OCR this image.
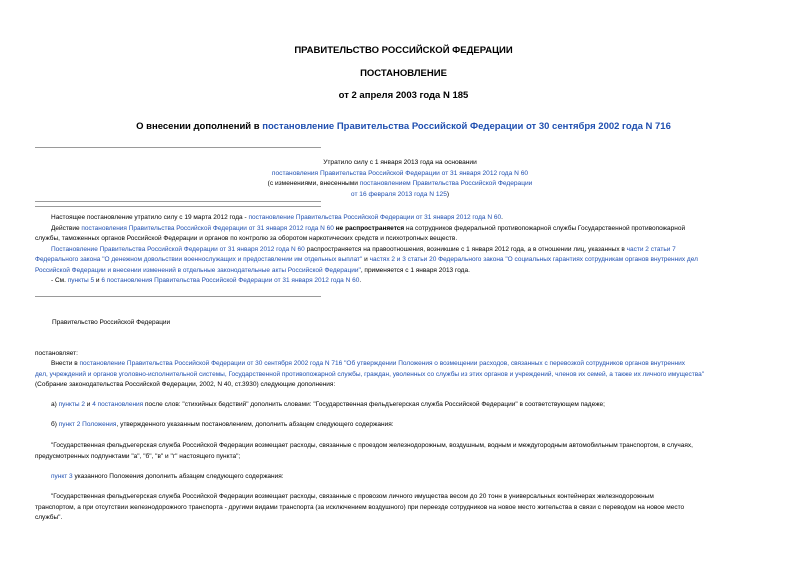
ПРАВИТЕЛЬСТВО РОССИЙСКОЙ ФЕДЕРАЦИИ
ПОСТАНОВЛЕНИЕ
от 2 апреля 2003 года N 185
О внесении дополнений в постановление Правительства Российской Федерации от 30 сентября 2002 года N 716
Утратило силу с 1 января 2013 года на основании
постановления Правительства Российской Федерации от 31 января 2012 года N 60
(с изменениями, внесенными постановлением Правительства Российской Федерации
от 16 февраля 2013 года N 125)
Настоящее постановление утратило силу с 19 марта 2012 года - постановление Правительства Российской Федерации от 31 января 2012 года N 60.
Действие постановления Правительства Российской Федерации от 31 января 2012 года N 60 не распространяется на сотрудников федеральной противопожарной службы Государственной противопожарной
службы, таможенных органов Российской Федерации и органов по контролю за оборотом наркотических средств и психотропных веществ.
Постановление Правительства Российской Федерации от 31 января 2012 года N 60 распространяется на правоотношения, возникшие с 1 января 2012 года, а в отношении лиц, указанных в части 2 статьи 7
Федерального закона "О денежном довольствии военнослужащих и предоставлении им отдельных выплат" и частях 2 и 3 статьи 20 Федерального закона "О социальных гарантиях сотрудникам органов внутренних дел
Российской Федерации и внесении изменений в отдельные законодательные акты Российской Федерации", применяется с 1 января 2013 года.
- См. пункты 5 и 6 постановления Правительства Российской Федерации от 31 января 2012 года N 60.
Правительство Российской Федерации
постановляет:
Внести в постановление Правительства Российской Федерации от 30 сентября 2002 года N 716 "Об утверждении Положения о возмещении расходов, связанных с перевозкой сотрудников органов внутренних
дел, учреждений и органов уголовно-исполнительной системы, Государственной противопожарной службы, граждан, уволенных со службы из этих органов и учреждений, членов их семей, а также их личного имущества"
(Собрание законодательства Российской Федерации, 2002, N 40, ст.3930) следующие дополнения:
а) пункты 2 и 4 постановления после слов: "стихийных бедствий" дополнить словами: "Государственная фельдъегерская служба Российской Федерации" в соответствующем падеже;
б) пункт 2 Положения, утвержденного указанным постановлением, дополнить абзацем следующего содержания:
"Государственная фельдъегерская служба Российской Федерации возмещает расходы, связанные с проездом железнодорожным, воздушным, водным и междугородным автомобильным транспортом, в случаях,
предусмотренных подпунктами "а", "б", "в" и "г" настоящего пункта";
пункт 3 указанного Положения дополнить абзацем следующего содержания:
"Государственная фельдъегерская служба Российской Федерации возмещает расходы, связанные с провозом личного имущества весом до 20 тонн в универсальных контейнерах железнодорожным
транспортом, а при отсутствии железнодорожного транспорта - другими видами транспорта (за исключением воздушного) при переезде сотрудников на новое место жительства в связи с переводом на новое место
службы".
